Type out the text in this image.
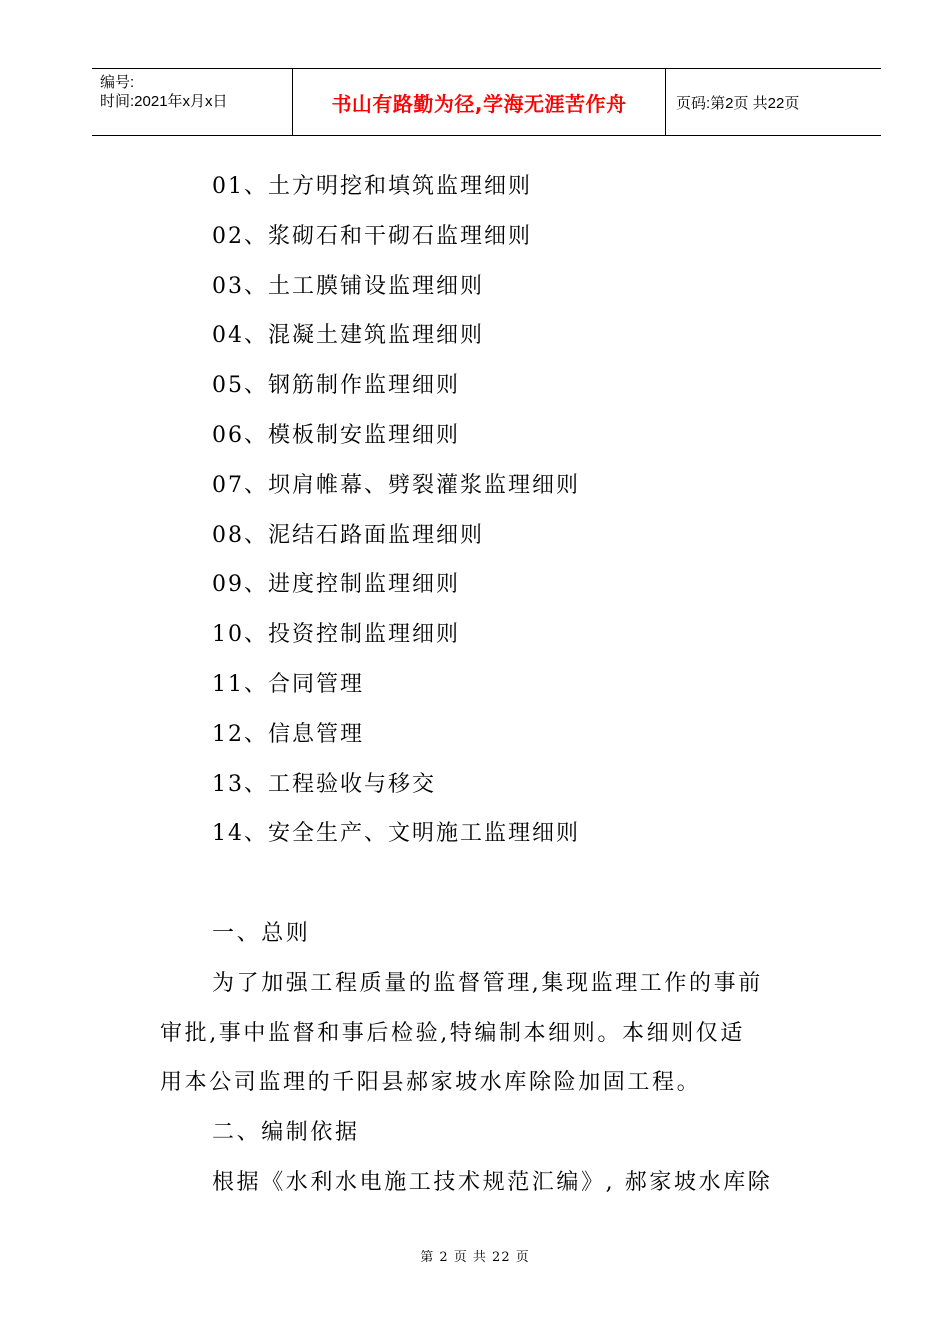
编号:
时间:2021年x月x日	书山有路勤为径,学海无涯苦作舟	页码:第2页 共22页
01、土方明挖和填筑监理细则
02、浆砌石和干砌石监理细则
03、土工膜铺设监理细则
04、混凝土建筑监理细则
05、钢筋制作监理细则
06、模板制安监理细则
07、坝肩帷幕、劈裂灌浆监理细则
08、泥结石路面监理细则
09、进度控制监理细则
10、投资控制监理细则
11、合同管理
12、信息管理
13、工程验收与移交
14、安全生产、文明施工监理细则
一、总则
为了加强工程质量的监督管理,集现监理工作的事前
审批,事中监督和事后检验,特编制本细则。本细则仅适
用本公司监理的千阳县郝家坡水库除险加固工程。
二、编制依据
根据《水利水电施工技术规范汇编》, 郝家坡水库除
第 2 页 共 22 页
